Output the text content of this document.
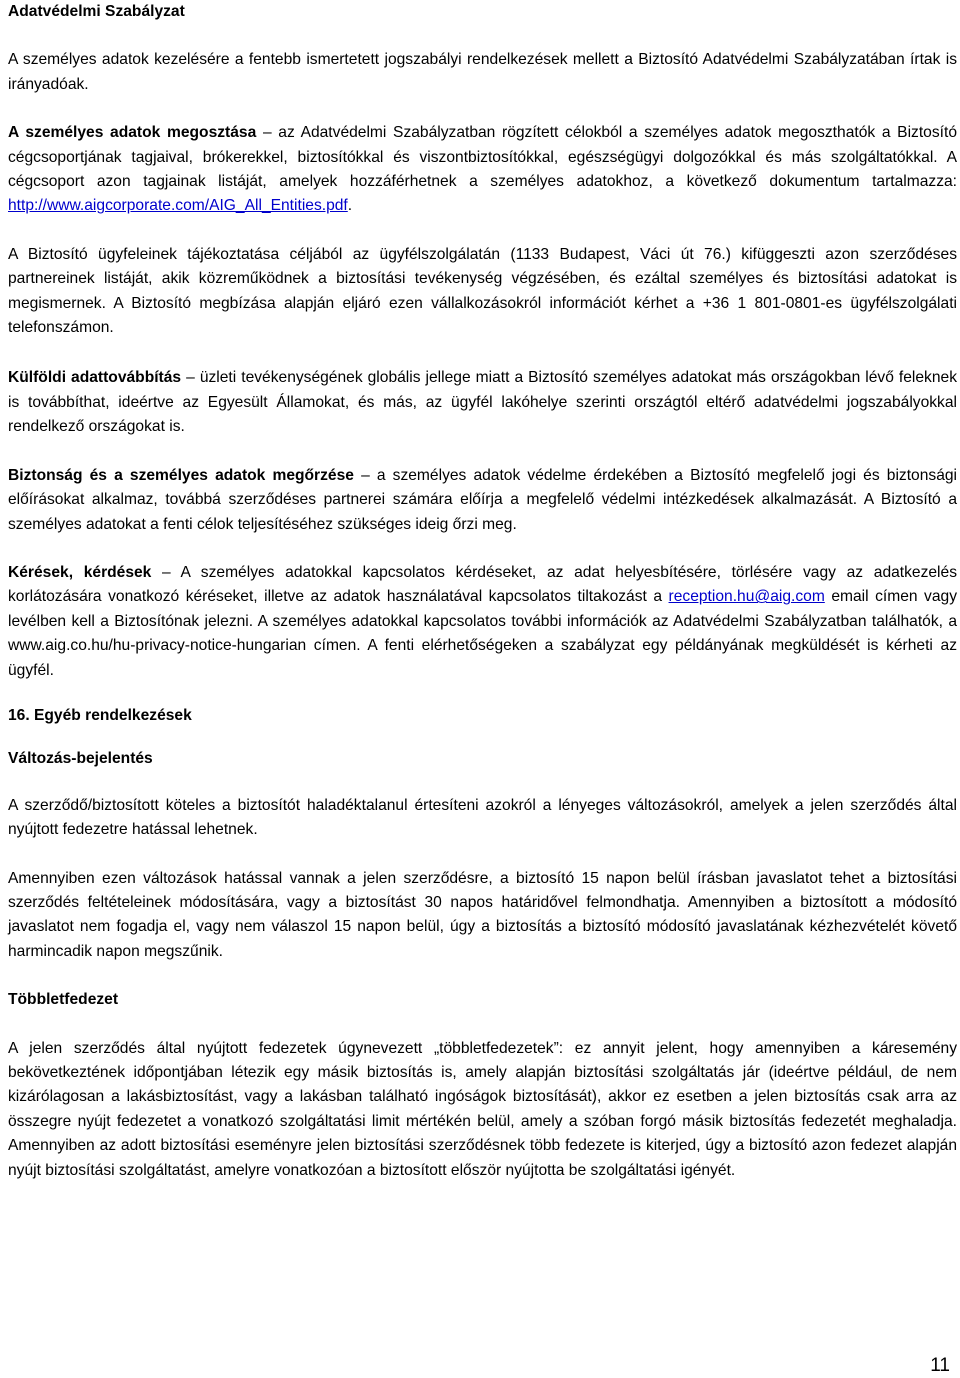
Adatvédelmi Szabályzat

A személyes adatok kezelésére a fentebb ismertetett jogszabályi rendelkezések mellett a Biztosító Adatvédelmi Szabályzatában írtak is irányadóak.

A személyes adatok megosztása – az Adatvédelmi Szabályzatban rögzített célokból a személyes adatok megoszthatók a Biztosító cégcsoportjának tagjaival, brókerekkel, biztosítókkal és viszontbiztosítókkal, egészségügyi dolgozókkal és más szolgáltatókkal. A cégcsoport azon tagjainak listáját, amelyek hozzáférhetnek a személyes adatokhoz, a következő dokumentum tartalmazza: http://www.aigcorporate.com/AIG_All_Entities.pdf.

A Biztosító ügyfeleinek tájékoztatása céljából az ügyfélszolgálatán (1133 Budapest, Váci út 76.) kifüggeszti azon szerződéses partnereinek listáját, akik közreműködnek a biztosítási tevékenység végzésében, és ezáltal személyes és biztosítási adatokat is megismernek. A Biztosító megbízása alapján eljáró ezen vállalkozásokról információt kérhet a +36 1 801-0801-es ügyfélszolgálati telefonszámon.

Külföldi adattovábbítás – üzleti tevékenységének globális jellege miatt a Biztosító személyes adatokat más országokban lévő feleknek is továbbíthat, ideértve az Egyesült Államokat, és más, az ügyfél lakóhelye szerinti országtól eltérő adatvédelmi jogszabályokkal rendelkező országokat is.

Biztonság és a személyes adatok megőrzése – a személyes adatok védelme érdekében a Biztosító megfelelő jogi és biztonsági előírásokat alkalmaz, továbbá szerződéses partnerei számára előírja a megfelelő védelmi intézkedések alkalmazását. A Biztosító a személyes adatokat a fenti célok teljesítéséhez szükséges ideig őrzi meg.

Kérések, kérdések – A személyes adatokkal kapcsolatos kérdéseket, az adat helyesbítésére, törlésére vagy az adatkezelés korlátozására vonatkozó kéréseket, illetve az adatok használatával kapcsolatos tiltakozást a reception.hu@aig.com email címen vagy levélben kell a Biztosítónak jelezni. A személyes adatokkal kapcsolatos további információk az Adatvédelmi Szabályzatban találhatók, a www.aig.co.hu/hu-privacy-notice-hungarian címen. A fenti elérhetőségeken a szabályzat egy példányának megküldését is kérheti az ügyfél.

16. Egyéb rendelkezések
Változás-bejelentés

A szerződő/biztosított köteles a biztosítót haladéktalanul értesíteni azokról a lényeges változásokról, amelyek a jelen szerződés által nyújtott fedezetre hatással lehetnek.

Amennyiben ezen változások hatással vannak a jelen szerződésre, a biztosító 15 napon belül írásban javaslatot tehet a biztosítási szerződés feltételeinek módosítására, vagy a biztosítást 30 napos határidővel felmondhatja. Amennyiben a biztosított a módosító javaslatot nem fogadja el, vagy nem válaszol 15 napon belül, úgy a biztosítás a biztosító módosító javaslatának kézhezvételét követő harmincadik napon megszűnik.

Többletfedezet

A jelen szerződés által nyújtott fedezetek úgynevezett „többletfedezetek”: ez annyit jelent, hogy amennyiben a káresemény bekövetkeztének időpontjában létezik egy másik biztosítás is, amely alapján biztosítási szolgáltatás jár (ideértve például, de nem kizárólagosan a lakásbiztosítást, vagy a lakásban található ingóságok biztosítását), akkor ez esetben a jelen biztosítás csak arra az összegre nyújt fedezetet a vonatkozó szolgáltatási limit mértékén belül, amely a szóban forgó másik biztosítás fedezetét meghaladja. Amennyiben az adott biztosítási eseményre jelen biztosítási szerződésnek több fedezete is kiterjed, úgy a biztosító azon fedezet alapján nyújt biztosítási szolgáltatást, amelyre vonatkozóan a biztosított először nyújtotta be szolgáltatási igényét.

11
